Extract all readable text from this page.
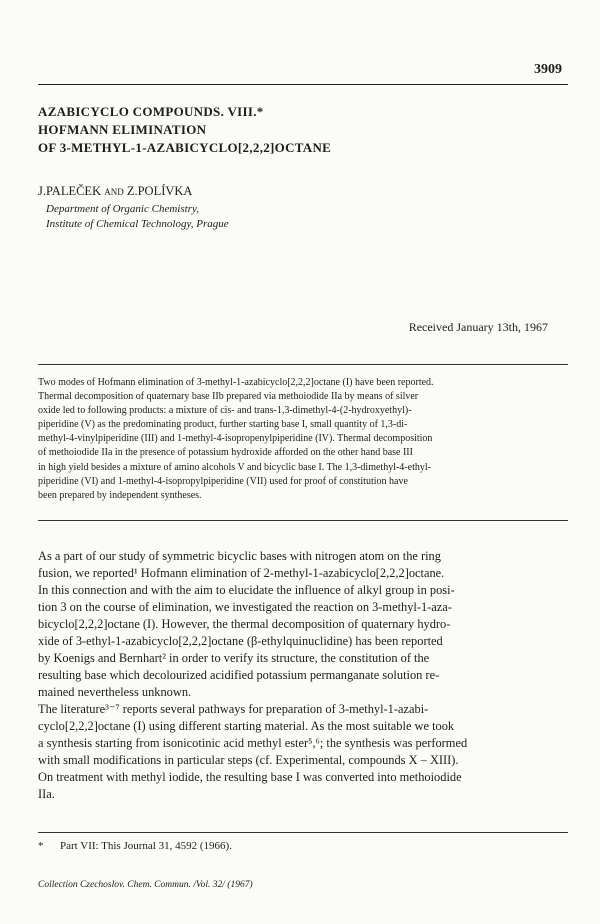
3909
AZABICYCLO COMPOUNDS. VIII.*
HOFMANN ELIMINATION
OF 3-METHYL-1-AZABICYCLO[2,2,2]OCTANE
J.PALEČEK and Z.POLÍVKA
Department of Organic Chemistry,
Institute of Chemical Technology, Prague
Received January 13th, 1967
Two modes of Hofmann elimination of 3-methyl-1-azabicyclo[2,2,2]octane (I) have been reported.
Thermal decomposition of quaternary base IIb prepared via methoiodide IIa by means of silver
oxide led to following products: a mixture of cis- and trans-1,3-dimethyl-4-(2-hydroxyethyl)-
piperidine (V) as the predominating product, further starting base I, small quantity of 1,3-di-
methyl-4-vinylpiperidine (III) and 1-methyl-4-isopropenylpiperidine (IV). Thermal decomposition
of methoiodide IIa in the presence of potassium hydroxide afforded on the other hand base III
in high yield besides a mixture of amino alcohols V and bicyclic base I. The 1,3-dimethyl-4-ethyl-
piperidine (VI) and 1-methyl-4-isopropylpiperidine (VII) used for proof of constitution have
been prepared by independent syntheses.
As a part of our study of symmetric bicyclic bases with nitrogen atom on the ring
fusion, we reported¹ Hofmann elimination of 2-methyl-1-azabicyclo[2,2,2]octane.
In this connection and with the aim to elucidate the influence of alkyl group in posi-
tion 3 on the course of elimination, we investigated the reaction on 3-methyl-1-aza-
bicyclo[2,2,2]octane (I). However, the thermal decomposition of quaternary hydro-
xide of 3-ethyl-1-azabicyclo[2,2,2]octane (β-ethylquinuclidine) has been reported
by Koenigs and Bernhart² in order to verify its structure, the constitution of the
resulting base which decolourized acidified potassium permanganate solution re-
mained nevertheless unknown.
The literature³⁻⁷ reports several pathways for preparation of 3-methyl-1-azabi-
cyclo[2,2,2]octane (I) using different starting material. As the most suitable we took
a synthesis starting from isonicotinic acid methyl ester⁵,⁶; the synthesis was performed
with small modifications in particular steps (cf. Experimental, compounds X – XIII).
On treatment with methyl iodide, the resulting base I was converted into methoiodide
IIa.
* Part VII: This Journal 31, 4592 (1966).
Collection Czechoslov. Chem. Commun. /Vol. 32/ (1967)
